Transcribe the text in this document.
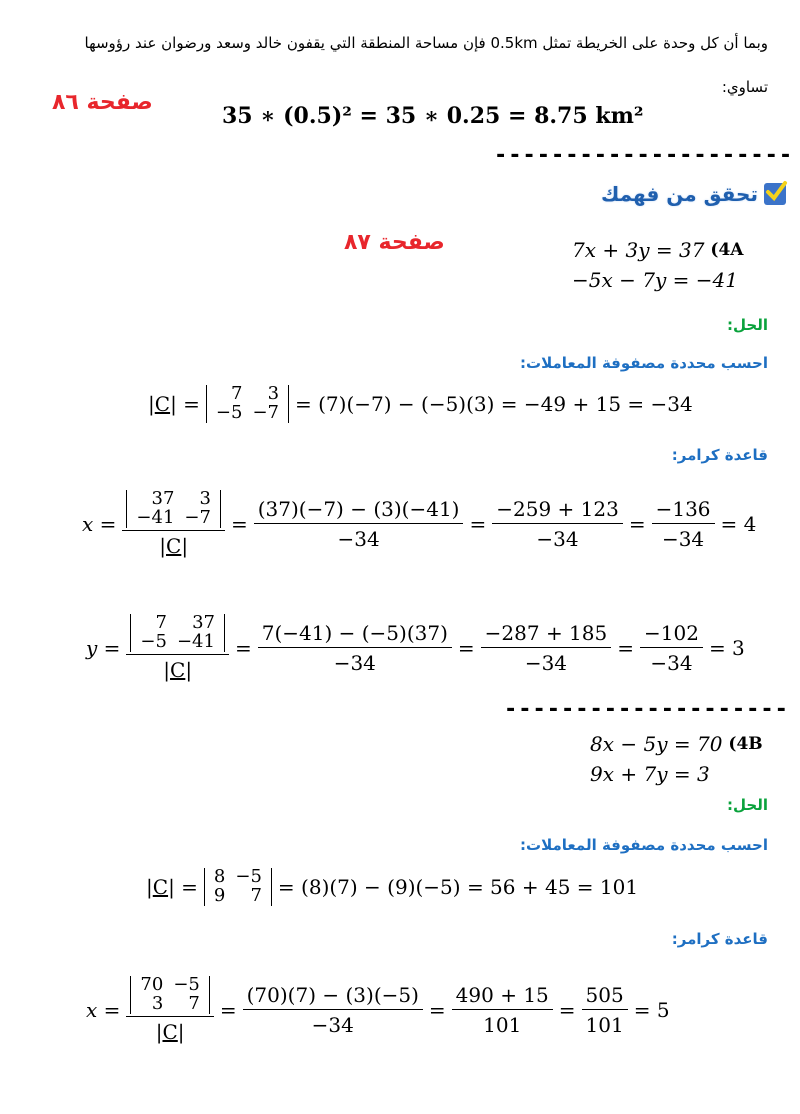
وبما أن كل وحدة على الخريطة تمثل 0.5km فإن مساحة المنطقة التي يقفون خالد وسعد ورضوان عند رؤوسها
تساوي:
صفحة ٨٦
35 ∗ (0.5)² = 35 ∗ 0.25 = 8.75 km²
---------------------
تحقق من فهمك
صفحة ٨٧	7x + 3y = 37 (4A
−5x − 7y = −41
الحل:
احسب محددة مصفوفة المعاملات:
|C| = 7	3
−5	−7 = (7)(−7) − (−5)(3) = −49 + 15 = −34
قاعدة كرامر:
x = 37	3
−41	−7
$|C| = \frac{(37)(-7) - (3)(-41)}{-34} = \frac{-259 + 123}{-34} = \frac{-136}{-34} = 4$
y = 7	37
−5	−41
$|C| = \frac{7(-41) - (-5)(37)}{-34} = \frac{-287 + 185}{-34} = \frac{-102}{-34} = 3$
--------------------
8x − 5y = 70 (4B
9x + 7y = 3
الحل:
احسب محددة مصفوفة المعاملات:
|C| = 8	−5
9	7 = (8)(7) − (9)(−5) = 56 + 45 = 101
قاعدة كرامر:
x = 70	−5
3	7
$|C| = \frac{(70)(7) - (3)(-5)}{-34} = \frac{490 + 15}{101} = \frac{505}{101} = 5$
